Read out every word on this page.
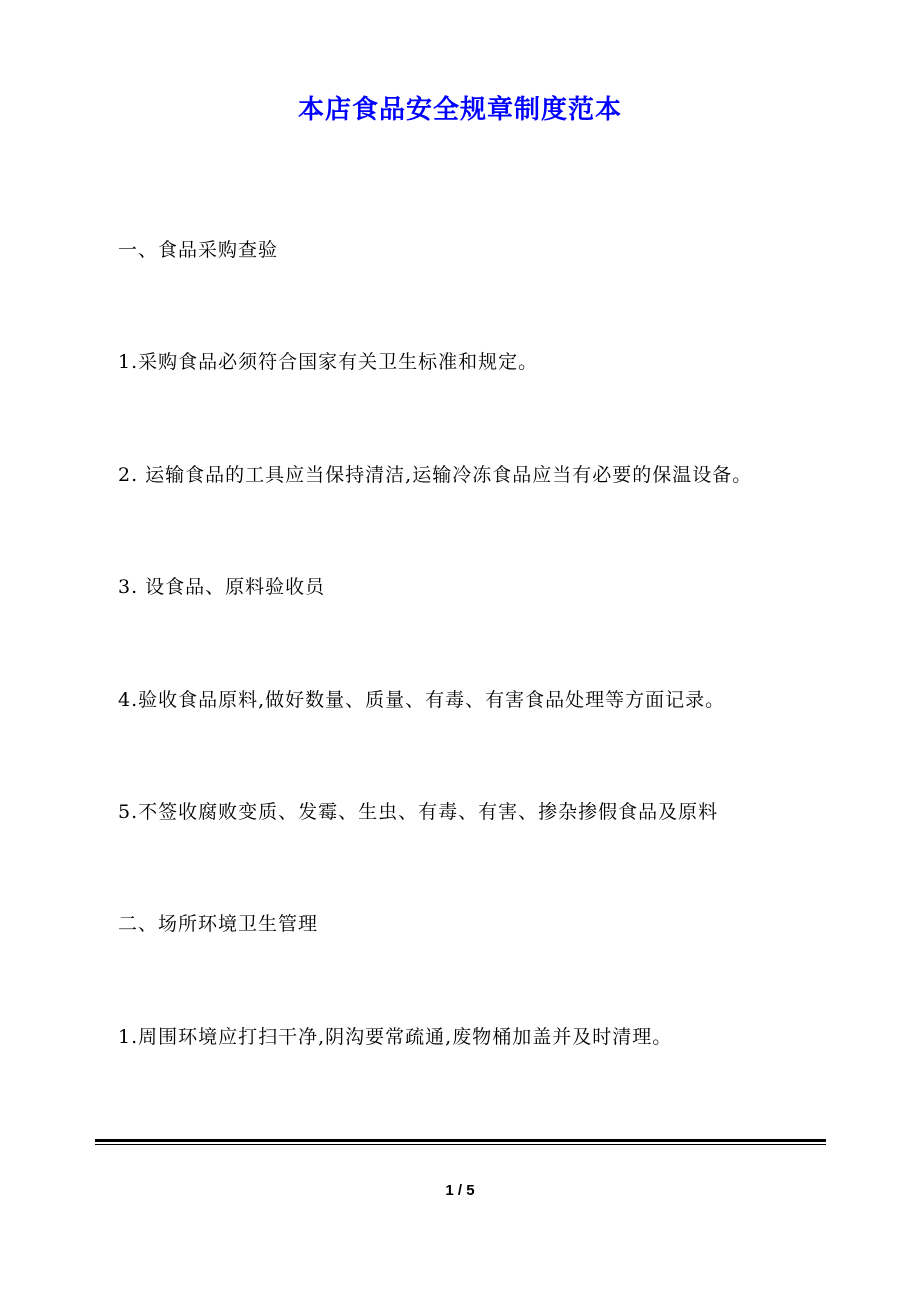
本店食品安全规章制度范本
一、食品采购查验
1.采购食品必须符合国家有关卫生标准和规定。
2. 运输食品的工具应当保持清洁,运输冷冻食品应当有必要的保温设备。
3. 设食品、原料验收员
4.验收食品原料,做好数量、质量、有毒、有害食品处理等方面记录。
5.不签收腐败变质、发霉、生虫、有毒、有害、掺杂掺假食品及原料
二、场所环境卫生管理
1.周围环境应打扫干净,阴沟要常疏通,废物桶加盖并及时清理。
1 / 5
